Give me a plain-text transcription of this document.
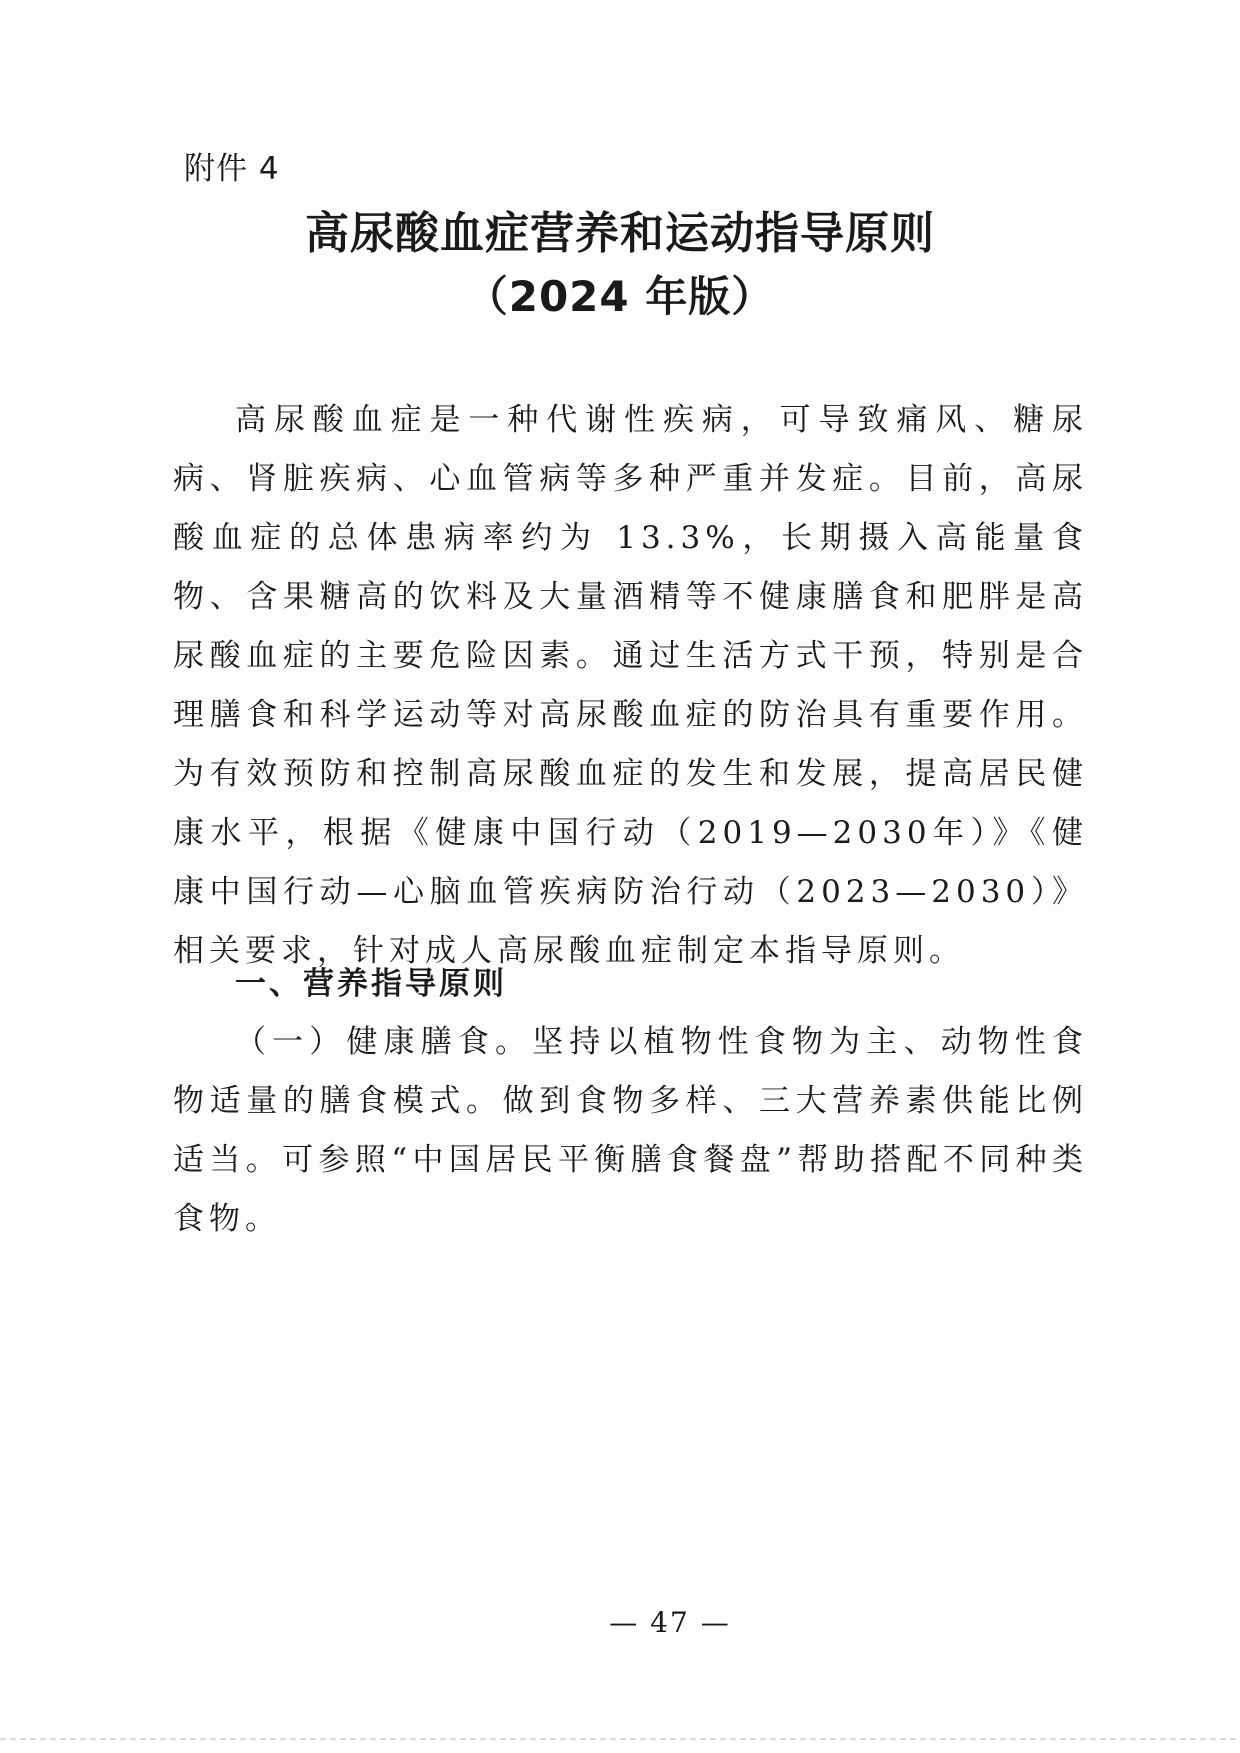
附件 4
高尿酸血症营养和运动指导原则
（2024 年版）

高尿酸血症是一种代谢性疾病，可导致痛风、糖尿病、肾脏疾病、心血管病等多种严重并发症。目前，高尿酸血症的总体患病率约为 13.3%，长期摄入高能量食物、含果糖高的饮料及大量酒精等不健康膳食和肥胖是高尿酸血症的主要危险因素。通过生活方式干预，特别是合理膳食和科学运动等对高尿酸血症的防治具有重要作用。为有效预防和控制高尿酸血症的发生和发展，提高居民健康水平，根据《健康中国行动（2019—2030年）》《健康中国行动—心脑血管疾病防治行动（2023—2030）》相关要求，针对成人高尿酸血症制定本指导原则。

一、营养指导原则

（一）健康膳食。坚持以植物性食物为主、动物性食物适量的膳食模式。做到食物多样、三大营养素供能比例适当。可参照“中国居民平衡膳食餐盘”帮助搭配不同种类食物。

— 47 —
